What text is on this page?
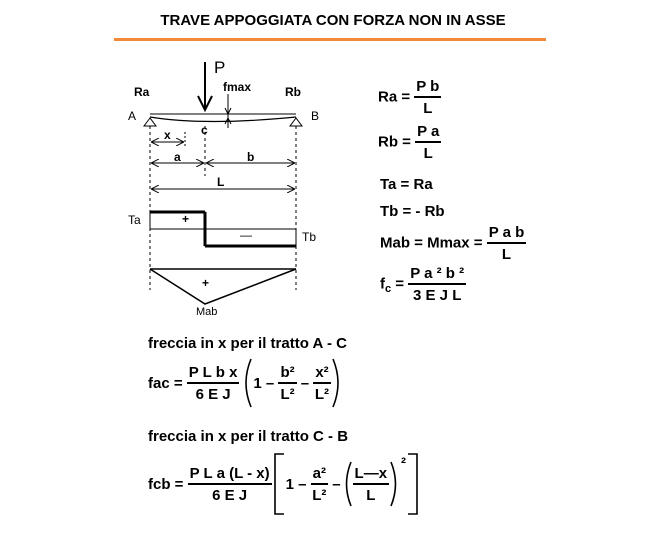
TRAVE APPOGGIATA CON FORZA NON IN ASSE
P
fmax
Ra	Rb
A	B
x	c
a	b
L
Ta
Tb
+
—
+
Mab
$Ra = \frac{\text{P b}}{L}$
$Rb = \frac{\text{P a}}{L}$
Ta = Ra
Tb = - Rb
Mab = $Mmax = \frac{\text{P a b}}{L}$
$f_c = \frac{\text{P a ² b ²}}{\text{3 E J L}}$
freccia in x per il tratto A - C
fac =
$\frac{\text{P L b x}}{\text{6 E J}} 1$ –
$\frac{\text{b²}}{\text{L²}}$
–
$\frac{\text{x²}}{\text{L²}}$
freccia in x per il tratto C - B
fcb =
$\frac{\text{P L a (L - x)}}{\text{6 E J}} 1$ –
$\frac{\text{a²}}{\text{L²}}$
– $\frac{L—x}{L}$
²
